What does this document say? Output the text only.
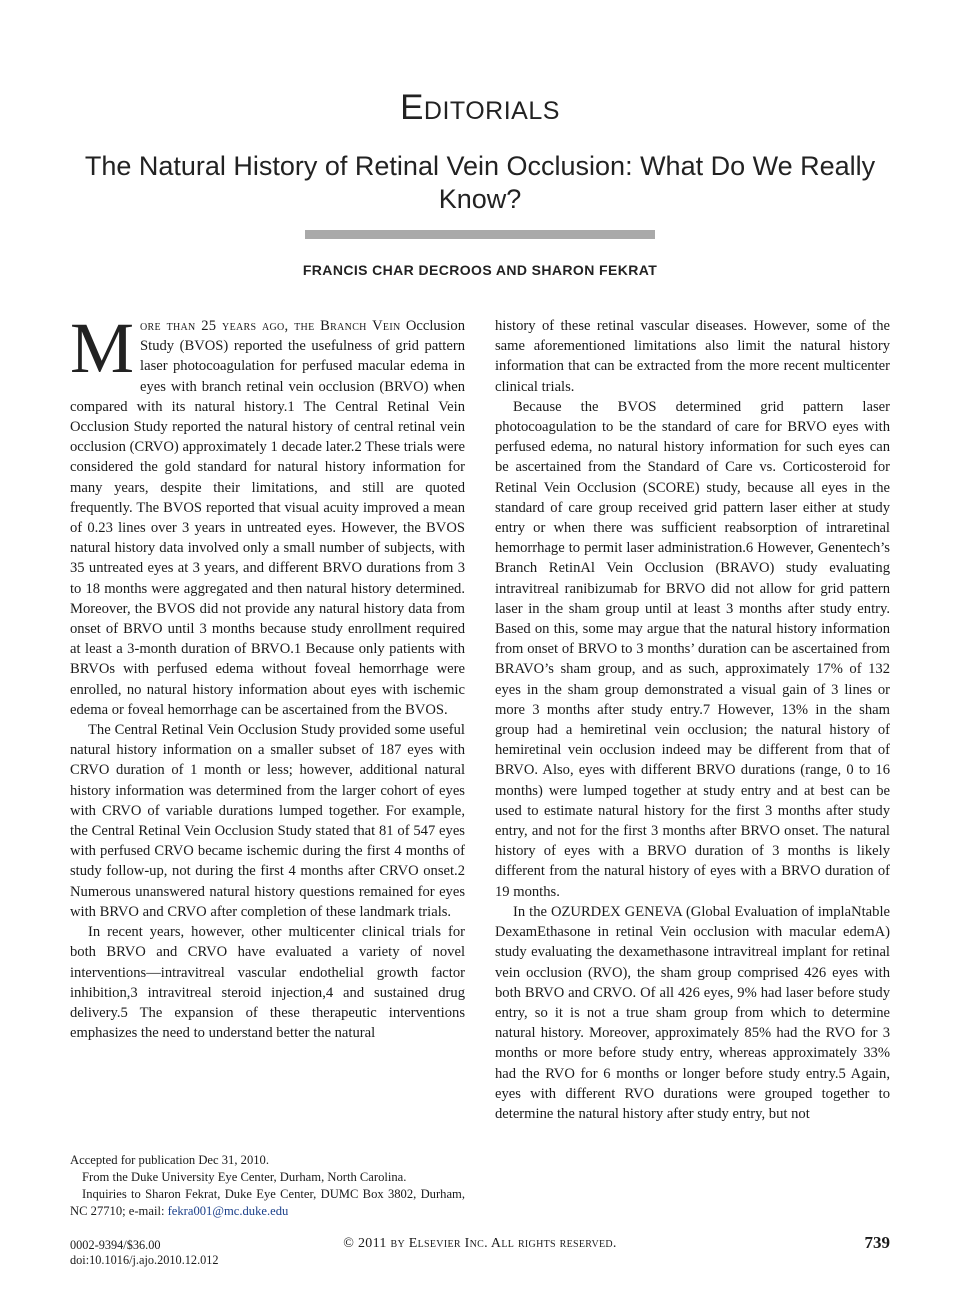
Editorials
The Natural History of Retinal Vein Occlusion: What Do We Really Know?
FRANCIS CHAR DECROOS AND SHARON FEKRAT

More than 25 years ago, the Branch Vein Occlusion Study (BVOS) reported the usefulness of grid pattern laser photocoagulation for perfused macular edema in eyes with branch retinal vein occlusion (BRVO) when compared with its natural history.1 The Central Retinal Vein Occlusion Study reported the natural history of central retinal vein occlusion (CRVO) approximately 1 decade later.2 These trials were considered the gold standard for natural history information for many years, despite their limitations, and still are quoted frequently. The BVOS reported that visual acuity improved a mean of 0.23 lines over 3 years in untreated eyes. However, the BVOS natural history data involved only a small number of subjects, with 35 untreated eyes at 3 years, and different BRVO durations from 3 to 18 months were aggregated and then natural history determined. Moreover, the BVOS did not provide any natural history data from onset of BRVO until 3 months because study enrollment required at least a 3-month duration of BRVO.1 Because only patients with BRVOs with perfused edema without foveal hemorrhage were enrolled, no natural history information about eyes with ischemic edema or foveal hemorrhage can be ascertained from the BVOS.

The Central Retinal Vein Occlusion Study provided some useful natural history information on a smaller subset of 187 eyes with CRVO duration of 1 month or less; however, additional natural history information was determined from the larger cohort of eyes with CRVO of variable durations lumped together. For example, the Central Retinal Vein Occlusion Study stated that 81 of 547 eyes with perfused CRVO became ischemic during the first 4 months of study follow-up, not during the first 4 months after CRVO onset.2 Numerous unanswered natural history questions remained for eyes with BRVO and CRVO after completion of these landmark trials.

In recent years, however, other multicenter clinical trials for both BRVO and CRVO have evaluated a variety of novel interventions—intravitreal vascular endothelial growth factor inhibition,3 intravitreal steroid injection,4 and sustained drug delivery.5 The expansion of these therapeutic interventions emphasizes the need to understand better the natural

history of these retinal vascular diseases. However, some of the same aforementioned limitations also limit the natural history information that can be extracted from the more recent multicenter clinical trials.

Because the BVOS determined grid pattern laser photocoagulation to be the standard of care for BRVO eyes with perfused edema, no natural history information for such eyes can be ascertained from the Standard of Care vs. Corticosteroid for Retinal Vein Occlusion (SCORE) study, because all eyes in the standard of care group received grid pattern laser either at study entry or when there was sufficient reabsorption of intraretinal hemorrhage to permit laser administration.6 However, Genentech’s Branch RetinAl Vein Occlusion (BRAVO) study evaluating intravitreal ranibizumab for BRVO did not allow for grid pattern laser in the sham group until at least 3 months after study entry. Based on this, some may argue that the natural history information from onset of BRVO to 3 months’ duration can be ascertained from BRAVO’s sham group, and as such, approximately 17% of 132 eyes in the sham group demonstrated a visual gain of 3 lines or more 3 months after study entry.7 However, 13% in the sham group had a hemiretinal vein occlusion; the natural history of hemiretinal vein occlusion indeed may be different from that of BRVO. Also, eyes with different BRVO durations (range, 0 to 16 months) were lumped together at study entry and at best can be used to estimate natural history for the first 3 months after study entry, and not for the first 3 months after BRVO onset. The natural history of eyes with a BRVO duration of 3 months is likely different from the natural history of eyes with a BRVO duration of 19 months.

In the OZURDEX GENEVA (Global Evaluation of implaNtable DexamEthasone in retinal Vein occlusion with macular edemA) study evaluating the dexamethasone intravitreal implant for retinal vein occlusion (RVO), the sham group comprised 426 eyes with both BRVO and CRVO. Of all 426 eyes, 9% had laser before study entry, so it is not a true sham group from which to determine natural history. Moreover, approximately 85% had the RVO for 3 months or more before study entry, whereas approximately 33% had the RVO for 6 months or longer before study entry.5 Again, eyes with different RVO durations were grouped together to determine the natural history after study entry, but not

Accepted for publication Dec 31, 2010.

From the Duke University Eye Center, Durham, North Carolina.

Inquiries to Sharon Fekrat, Duke Eye Center, DUMC Box 3802, Durham, NC 27710; e-mail: fekra001@mc.duke.edu

0002-9394/$36.00
doi:10.1016/j.ajo.2010.12.012
© 2011 by Elsevier Inc. All rights reserved.	739
